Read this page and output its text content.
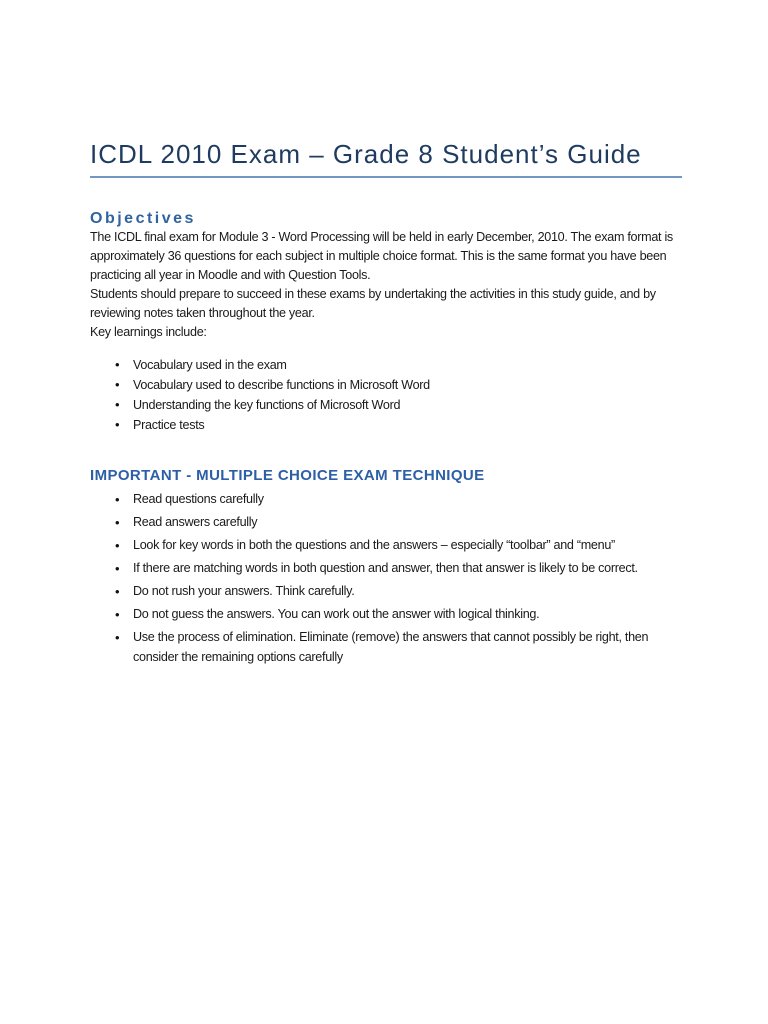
ICDL 2010 Exam – Grade 8 Student’s Guide
Objectives

The ICDL final exam for Module 3 - Word Processing will be held in early December, 2010. The exam format is approximately 36 questions for each subject in multiple choice format. This is the same format you have been practicing all year in Moodle and with Question Tools.

Students should prepare to succeed in these exams by undertaking the activities in this study guide, and by reviewing notes taken throughout the year.

Key learnings include:

• Vocabulary used in the exam
• Vocabulary used to describe functions in Microsoft Word
• Understanding the key functions of Microsoft Word
• Practice tests
IMPORTANT - MULTIPLE CHOICE EXAM TECHNIQUE
• Read questions carefully
• Read answers carefully
• Look for key words in both the questions and the answers – especially “toolbar” and “menu”
• If there are matching words in both question and answer, then that answer is likely to be correct.
• Do not rush your answers. Think carefully.
• Do not guess the answers. You can work out the answer with logical thinking.
• Use the process of elimination. Eliminate (remove) the answers that cannot possibly be right, then consider the remaining options carefully
